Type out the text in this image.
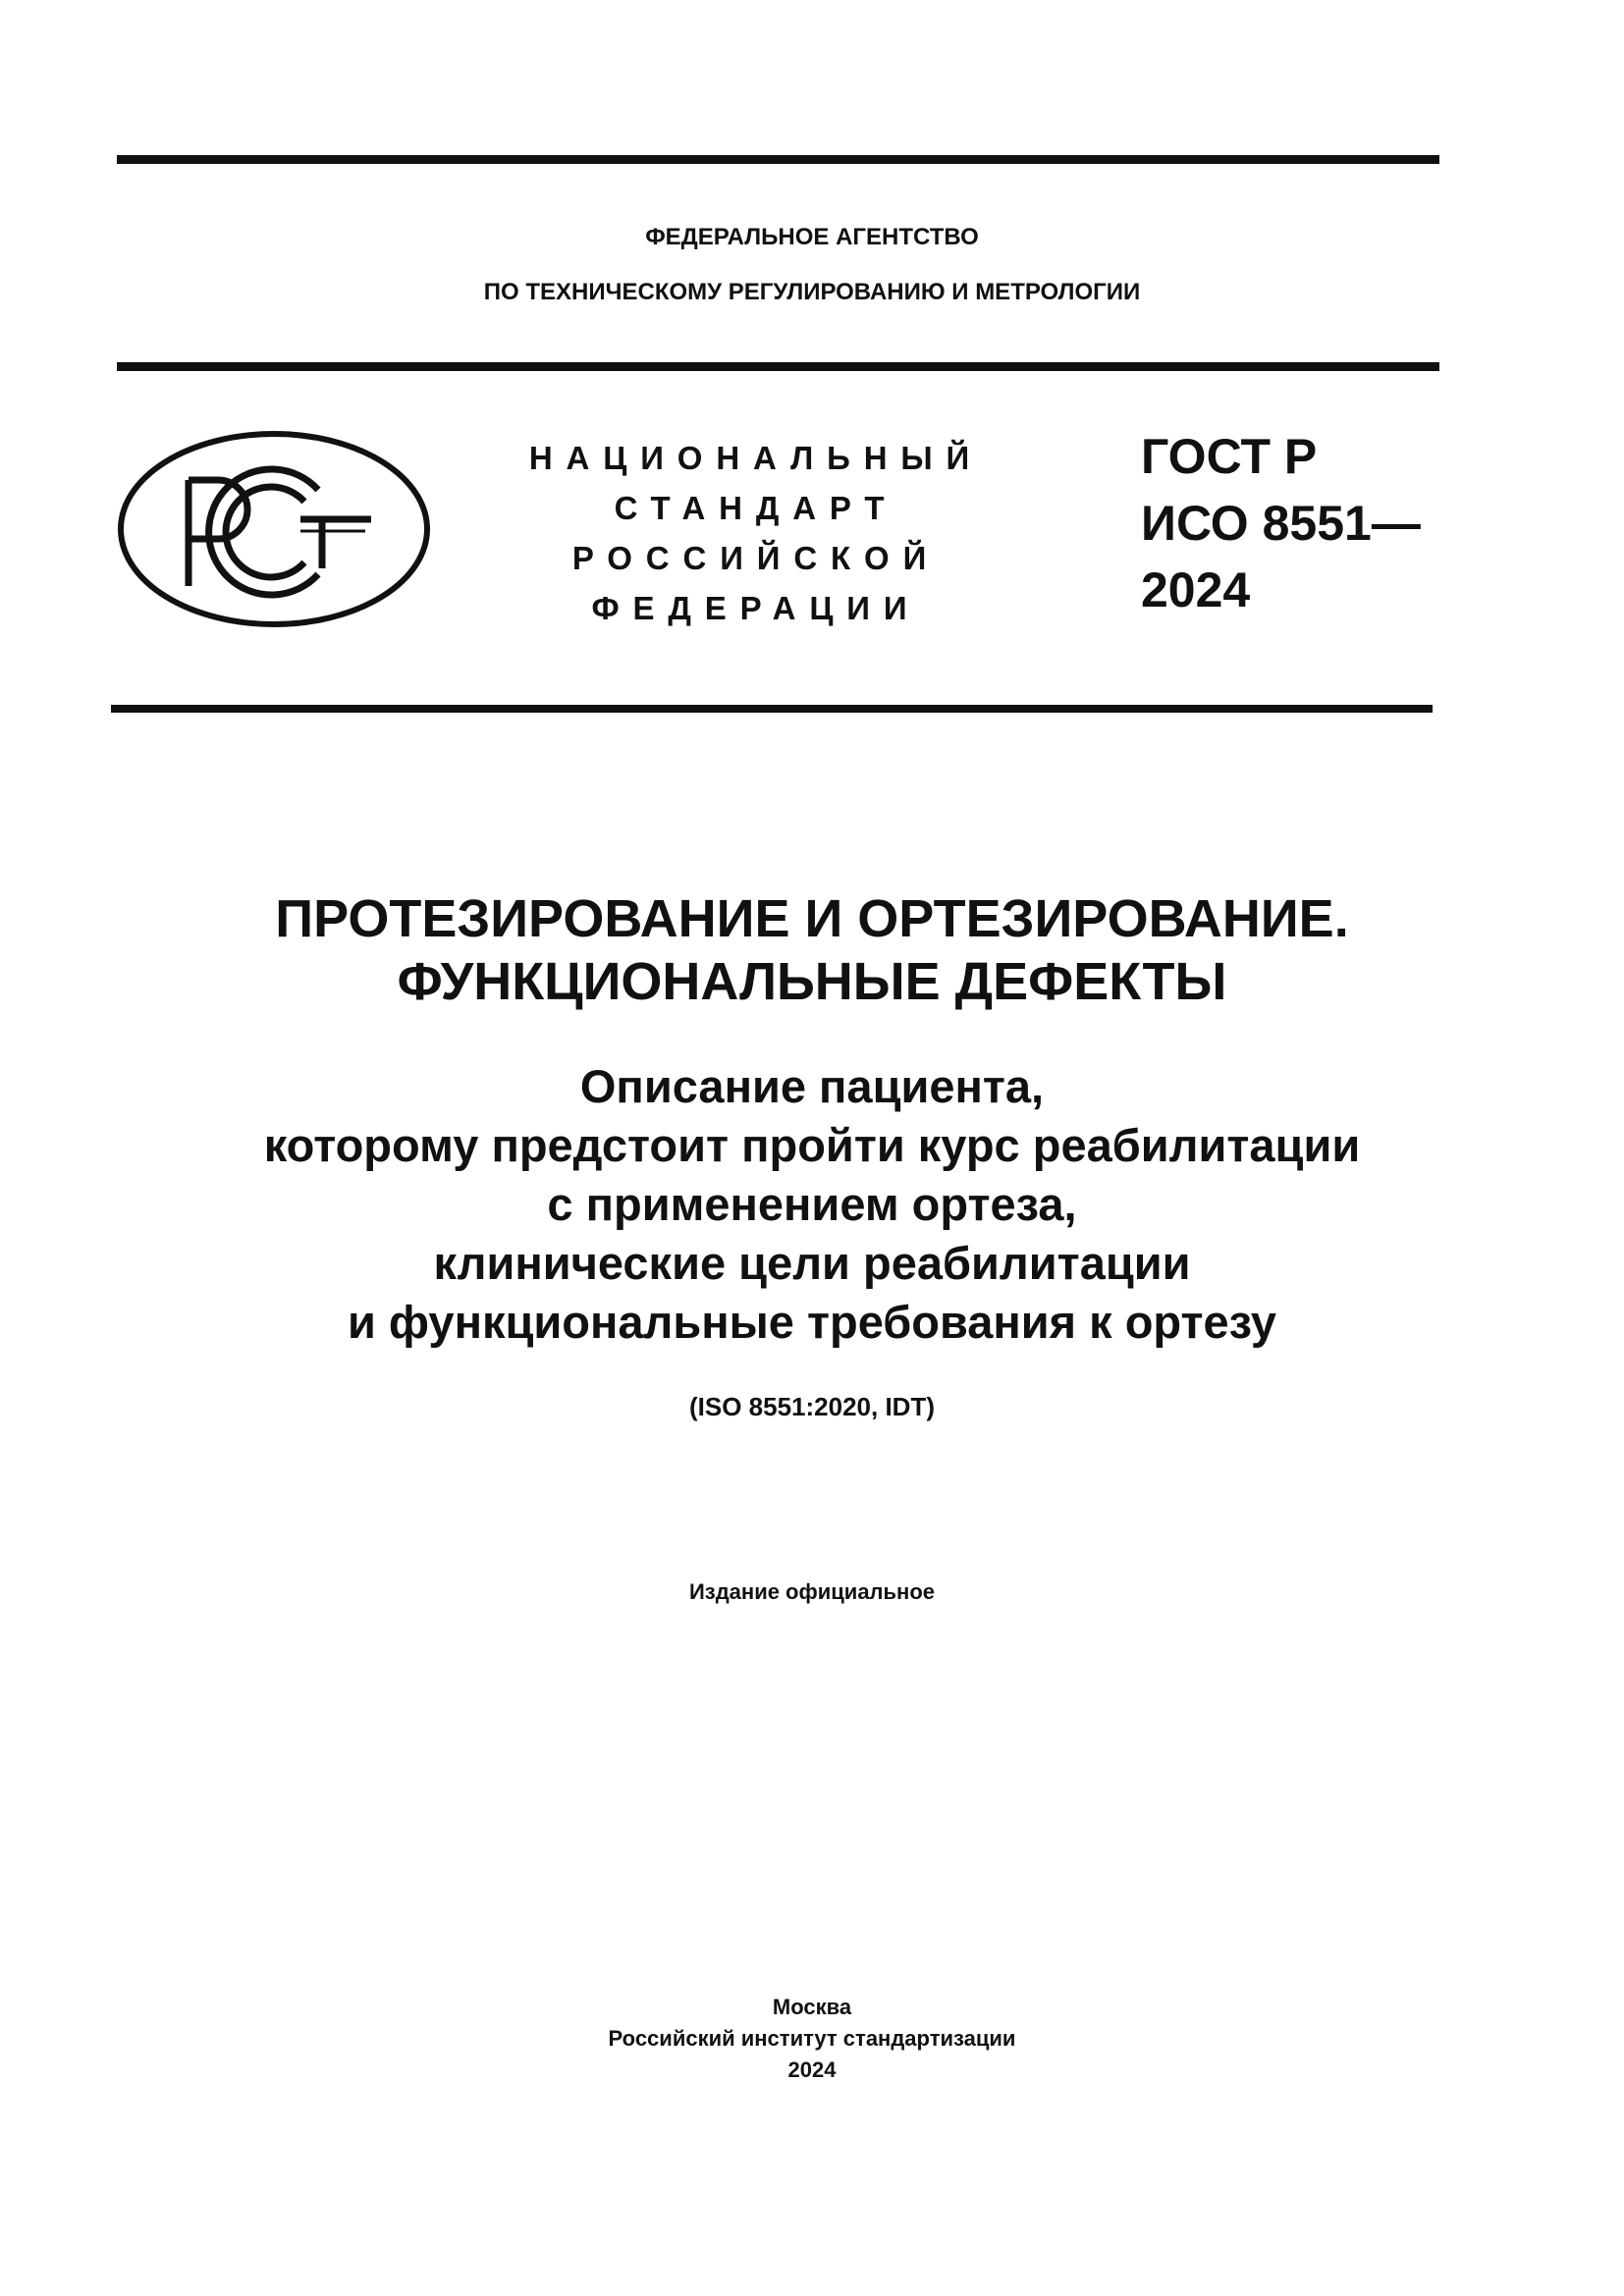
ФЕДЕРАЛЬНОЕ АГЕНТСТВО
ПО ТЕХНИЧЕСКОМУ РЕГУЛИРОВАНИЮ И МЕТРОЛОГИИ
НАЦИОНАЛЬНЫЙ
СТАНДАРТ
РОССИЙСКОЙ
ФЕДЕРАЦИИ
ГОСТ Р
ИСО 8551—
2024
ПРОТЕЗИРОВАНИЕ И ОРТЕЗИРОВАНИЕ.
ФУНКЦИОНАЛЬНЫЕ ДЕФЕКТЫ
Описание пациента,
которому предстоит пройти курс реабилитации
с применением ортеза,
клинические цели реабилитации
и функциональные требования к ортезу
(ISO 8551:2020, IDT)
Издание официальное
Москва
Российский институт стандартизации
2024
